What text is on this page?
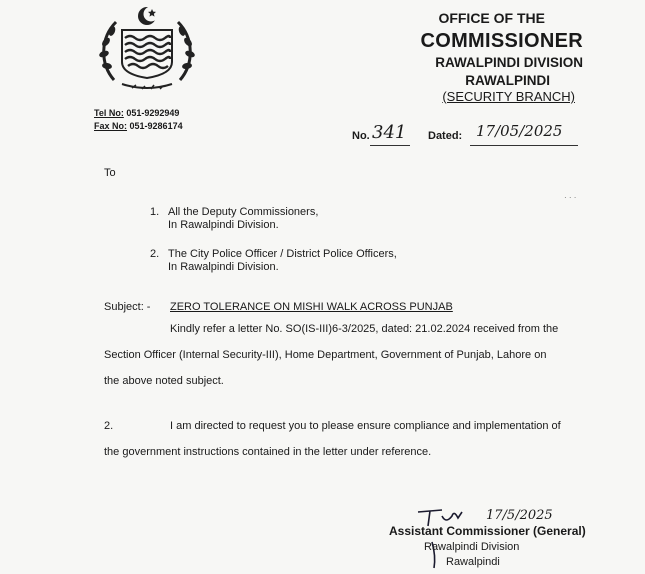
OFFICE OF THE
COMMISSIONER
RAWALPINDI DIVISION
RAWALPINDI
(SECURITY BRANCH)
Tel No: 051-9292949
Fax No: 051-9286174
No. 341 Dated: 17/05/2025
To
· · ·
1. All the Deputy Commissioners,
In Rawalpindi Division.
2. The City Police Officer / District Police Officers,
In Rawalpindi Division.
Subject: - ZERO TOLERANCE ON MISHI WALK ACROSS PUNJAB
Kindly refer a letter No. SO(IS-III)6-3/2025, dated: 21.02.2024 received from the
Section Officer (Internal Security-III), Home Department, Government of Punjab, Lahore on
the above noted subject.
2.	I am directed to request you to please ensure compliance and implementation of
the government instructions contained in the letter under reference.
17/5/2025
Assistant Commissioner (General)
Rawalpindi Division
Rawalpindi
